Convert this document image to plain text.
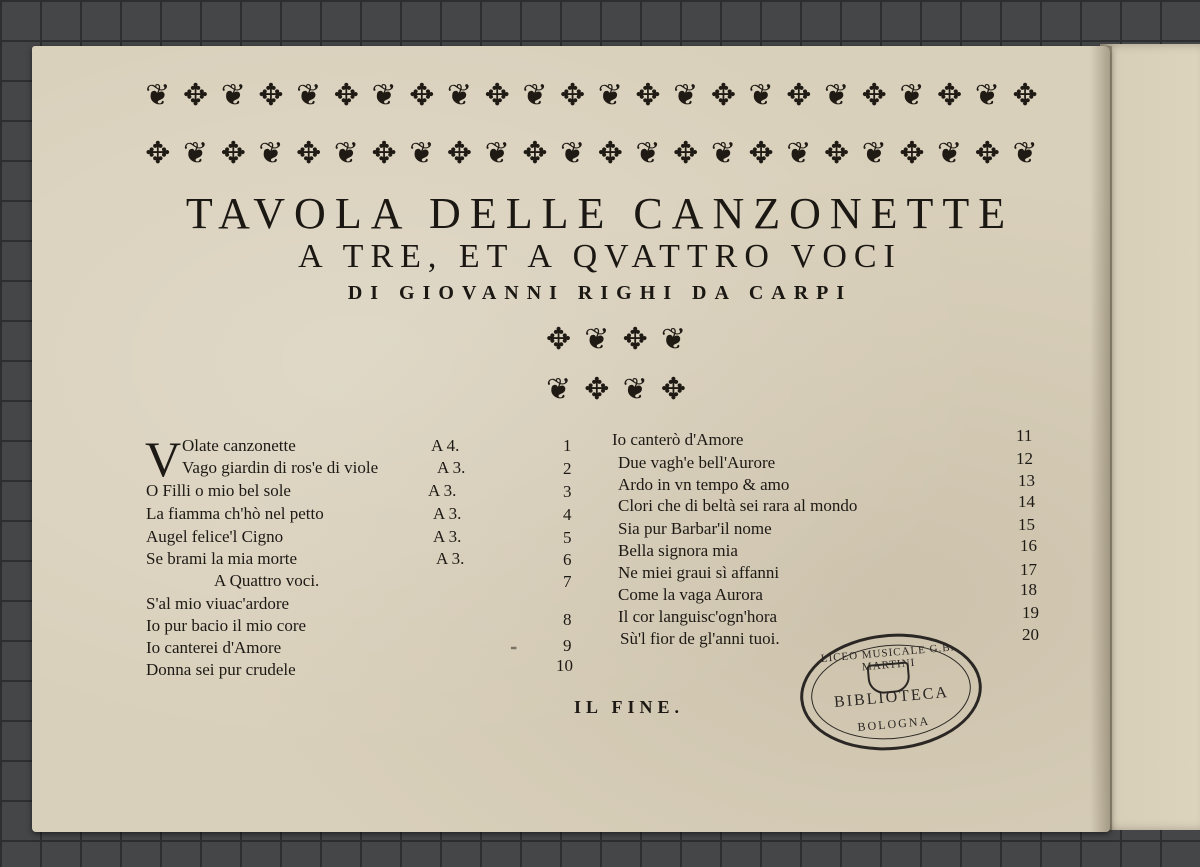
❦ ✥ ❦ ✥ ❦ ✥ ❦ ✥ ❦ ✥ ❦ ✥ ❦ ✥ ❦ ✥ ❦ ✥ ❦ ✥ ❦ ✥ ❦ ✥
✥ ❦ ✥ ❦ ✥ ❦ ✥ ❦ ✥ ❦ ✥ ❦ ✥ ❦ ✥ ❦ ✥ ❦ ✥ ❦ ✥ ❦ ✥ ❦
TAVOLA DELLE CANZONETTE
A TRE, ET A QVATTRO VOCI
DI GIOVANNI RIGHI DA CARPI
✥ ❦ ✥ ❦
❦ ✥ ❦ ✥
V Olate canzonette	A 4.	1
Vago giardin di ros'e di viole	A 3.	2
O Filli o mio bel sole	A 3.	3
La fiamma ch'hò nel petto	A 3.	4
Augel felice'l Cigno	A 3.	5
Se brami la mia morte	A 3.	6
A Quattro voci.	7
S'al mio viuac'ardore
Io pur bacio il mio core	8
Io canterei d'Amore	9
⁼
Donna sei pur crudele	10
Io canterò d'Amore	11
Due vagh'e bell'Aurore	12
Ardo in vn tempo & amo	13
Clori che di beltà sei rara al mondo	14
Sia pur Barbar'il nome	15
Bella signora mia	16
Ne miei graui sì affanni	17
Come la vaga Aurora	18
Il cor languisc'ogn'hora	19
Sù'l fior de gl'anni tuoi.	20
IL FINE.
LICEO MUSICALE G.B. MARTINI
BIBLIOTECA
BOLOGNA
